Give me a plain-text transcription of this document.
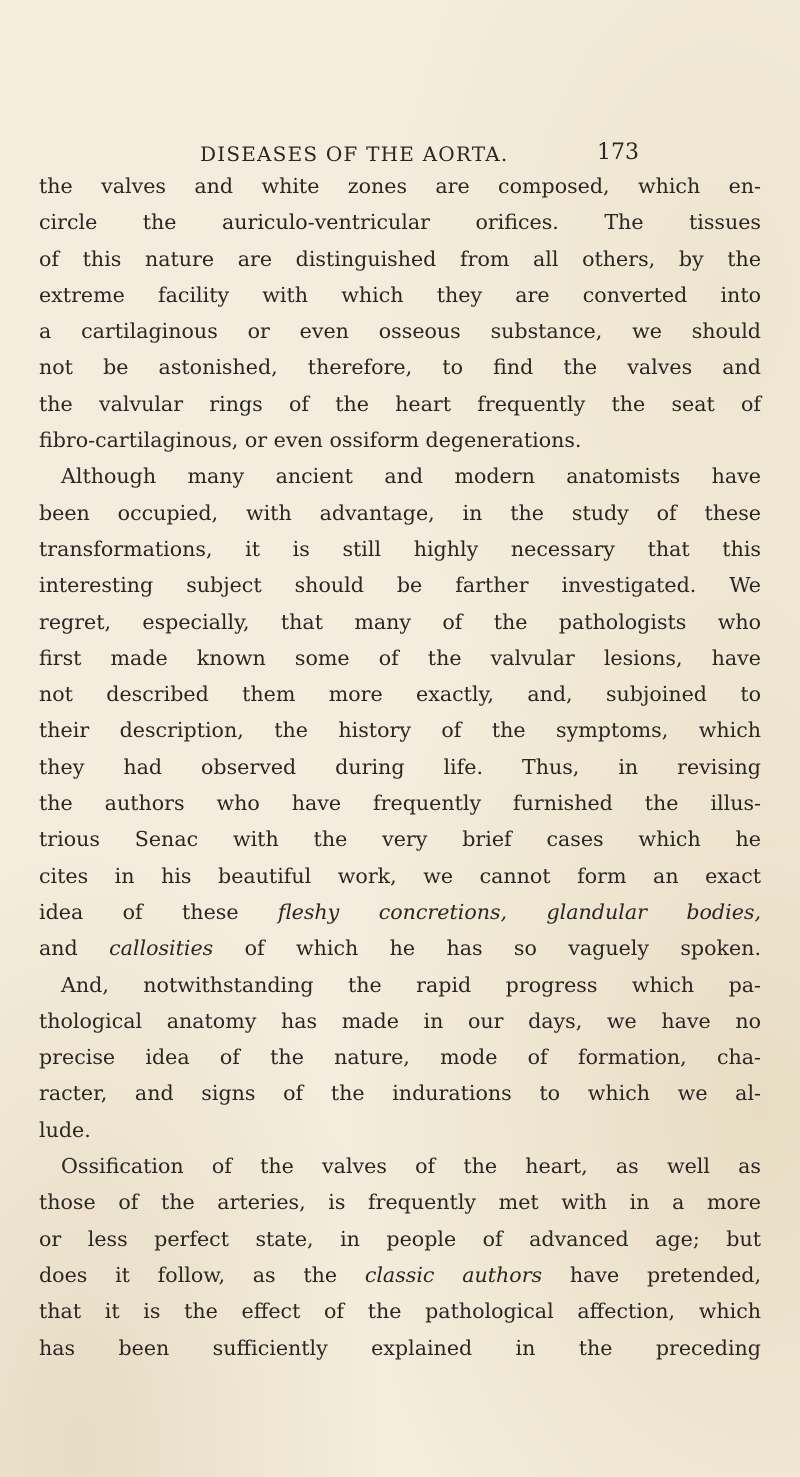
DISEASES OF THE AORTA.	173
the valves and white zones are composed, which en-
circle the auriculo-ventricular orifices. The tissues
of this nature are distinguished from all others, by the
extreme facility with which they are converted into
a cartilaginous or even osseous substance, we should
not be astonished, therefore, to find the valves and
the valvular rings of the heart frequently the seat of
fibro-cartilaginous, or even ossiform degenerations.
Although many ancient and modern anatomists have
been occupied, with advantage, in the study of these
transformations, it is still highly necessary that this
interesting subject should be farther investigated. We
regret, especially, that many of the pathologists who
first made known some of the valvular lesions, have
not described them more exactly, and, subjoined to
their description, the history of the symptoms, which
they had observed during life. Thus, in revising
the authors who have frequently furnished the illus-
trious Senac with the very brief cases which he
cites in his beautiful work, we cannot form an exact
idea of these fleshy concretions, glandular bodies,
and callosities of which he has so vaguely spoken.
And, notwithstanding the rapid progress which pa-
thological anatomy has made in our days, we have no
precise idea of the nature, mode of formation, cha-
racter, and signs of the indurations to which we al-
lude.
Ossification of the valves of the heart, as well as
those of the arteries, is frequently met with in a more
or less perfect state, in people of advanced age; but
does it follow, as the classic authors have pretended,
that it is the effect of the pathological affection, which
has been sufficiently explained in the preceding
